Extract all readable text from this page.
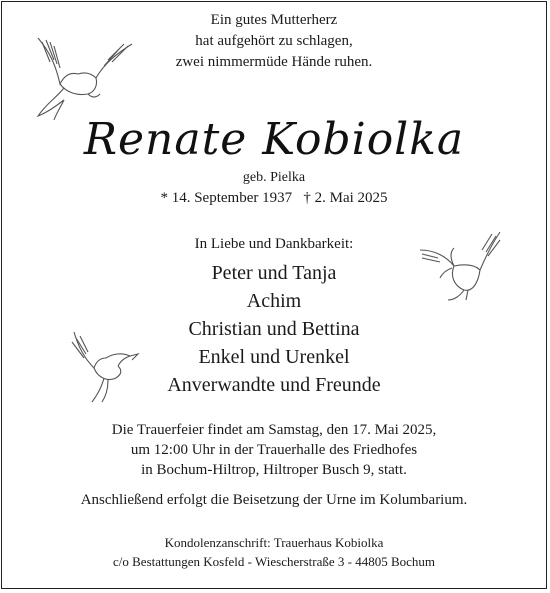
Ein gutes Mutterherz
hat aufgehört zu schlagen,
zwei nimmermüde Hände ruhen.
Renate Kobiolka
geb. Pielka
* 14. September 1937   † 2. Mai 2025
In Liebe und Dankbarkeit:
Peter und Tanja
Achim
Christian und Bettina
Enkel und Urenkel
Anverwandte und Freunde
Die Trauerfeier findet am Samstag, den 17. Mai 2025,
um 12:00 Uhr in der Trauerhalle des Friedhofes
in Bochum-Hiltrop, Hiltroper Busch 9, statt.
Anschließend erfolgt die Beisetzung der Urne im Kolumbarium.
Kondolenzanschrift: Trauerhaus Kobiolka
c/o Bestattungen Kosfeld - Wiescherstraße 3 - 44805 Bochum
